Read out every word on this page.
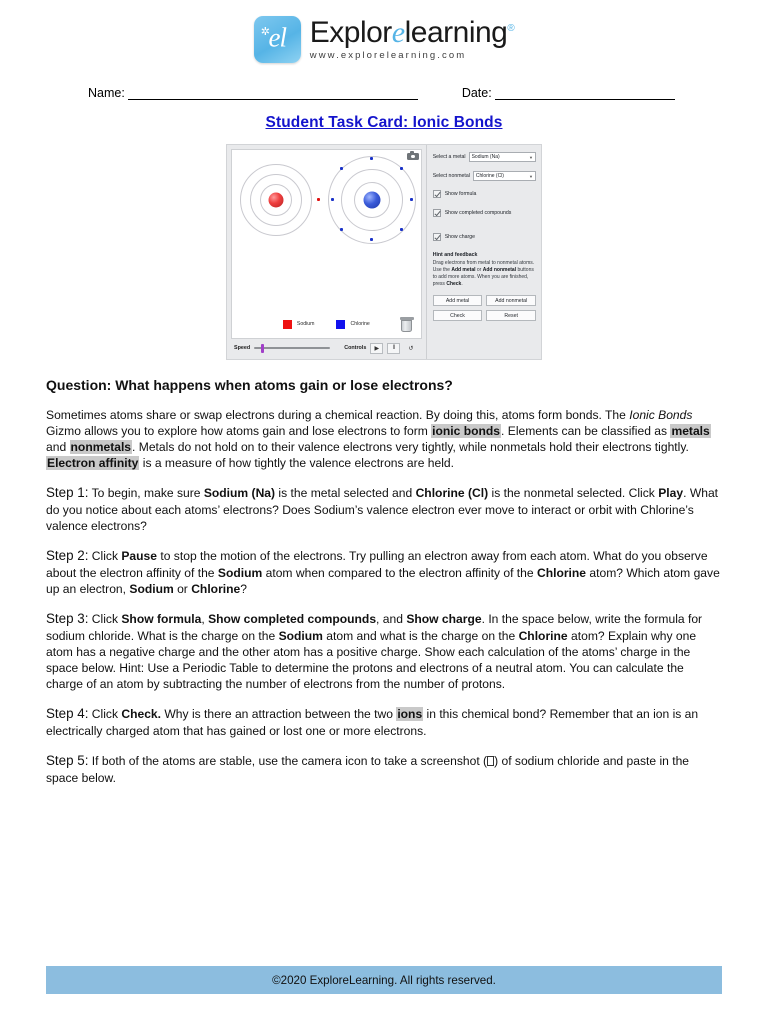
✲
el Explorelearning®
www.explorelearning.com
Name:	Date:
Student Task Card: Ionic Bonds
Sodium	Chlorine
Speed	Controls	▶	‖	↺
Select a metal Sodium (Na)	▼
Select nonmetal Chlorine (Cl)	▼
Show formula
Show completed compounds
Show charge
Hint and feedback
Drag electrons from metal to nonmetal atoms. Use the Add metal or Add nonmetal buttons to add more atoms. When you are finished, press Check.
Add metal	Add nonmetal
Check	Reset
Question: What happens when atoms gain or lose electrons?
Sometimes atoms share or swap electrons during a chemical reaction. By doing this, atoms form bonds. The Ionic Bonds Gizmo allows you to explore how atoms gain and lose electrons to form ionic bonds. Elements can be classified as metals and nonmetals. Metals do not hold on to their valence electrons very tightly, while nonmetals hold their electrons tightly. Electron affinity is a measure of how tightly the valence electrons are held.
Step 1: To begin, make sure Sodium (Na) is the metal selected and Chlorine (Cl) is the nonmetal selected. Click Play. What do you notice about each atoms’ electrons? Does Sodium’s valence electron ever move to interact or orbit with Chlorine’s valence electrons?
Step 2: Click Pause to stop the motion of the electrons. Try pulling an electron away from each atom. What do you observe about the electron affinity of the Sodium atom when compared to the electron affinity of the Chlorine atom? Which atom gave up an electron, Sodium or Chlorine?
Step 3: Click Show formula, Show completed compounds, and Show charge. In the space below, write the formula for sodium chloride. What is the charge on the Sodium atom and what is the charge on the Chlorine atom? Explain why one atom has a negative charge and the other atom has a positive charge. Show each calculation of the atoms’ charge in the space below. Hint: Use a Periodic Table to determine the protons and electrons of a neutral atom. You can calculate the charge of an atom by subtracting the number of electrons from the number of protons.
Step 4: Click Check. Why is there an attraction between the two ions in this chemical bond? Remember that an ion is an electrically charged atom that has gained or lost one or more electrons.
Step 5: If both of the atoms are stable, use the camera icon to take a screenshot ( ) of sodium chloride and paste in the space below.
©2020 ExploreLearning. All rights reserved.
